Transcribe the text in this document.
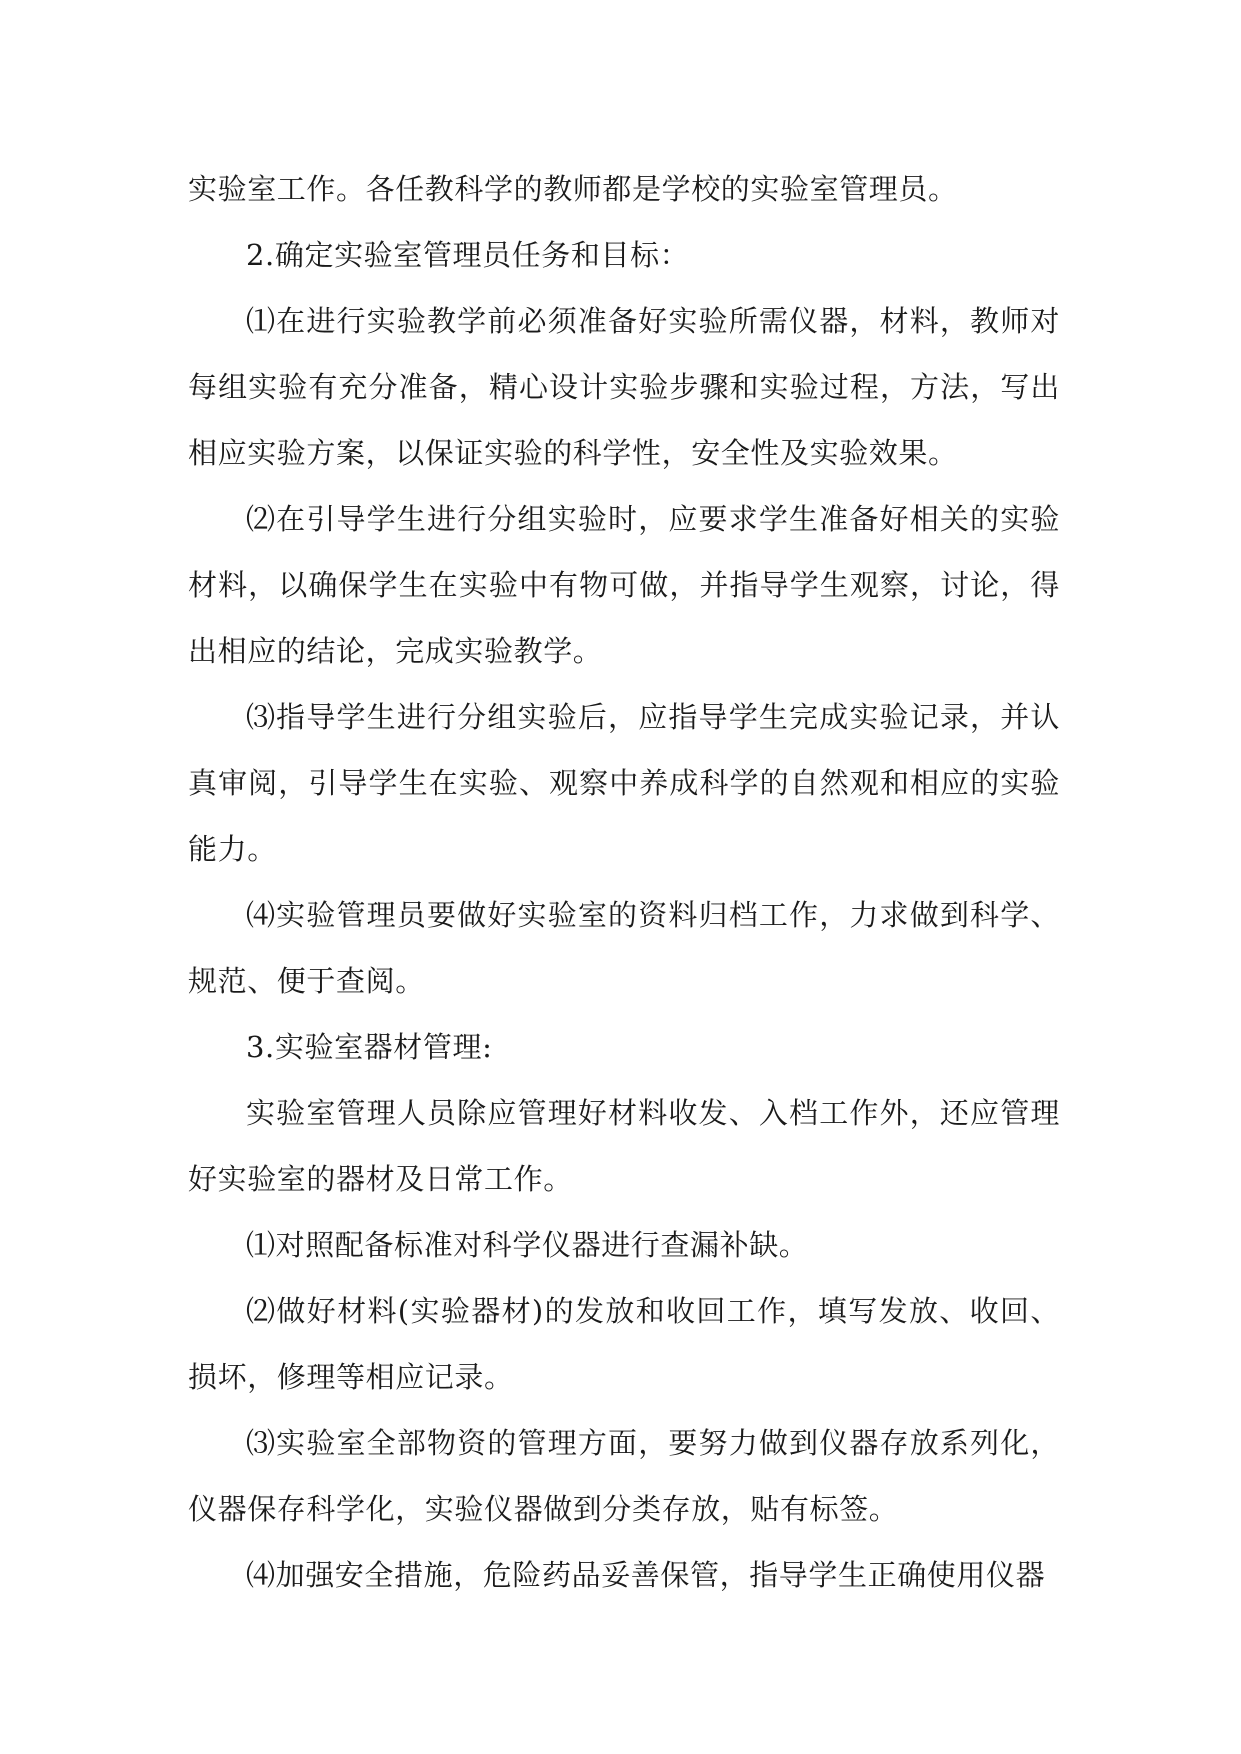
实验室工作。各任教科学的教师都是学校的实验室管理员。

2.确定实验室管理员任务和目标：

⑴在进行实验教学前必须准备好实验所需仪器，材料，教师对每组实验有充分准备，精心设计实验步骤和实验过程，方法，写出相应实验方案，以保证实验的科学性，安全性及实验效果。

⑵在引导学生进行分组实验时，应要求学生准备好相关的实验材料，以确保学生在实验中有物可做，并指导学生观察，讨论，得出相应的结论，完成实验教学。

⑶指导学生进行分组实验后，应指导学生完成实验记录，并认真审阅，引导学生在实验、观察中养成科学的自然观和相应的实验能力。

⑷实验管理员要做好实验室的资料归档工作，力求做到科学、规范、便于查阅。

3.实验室器材管理:

实验室管理人员除应管理好材料收发、入档工作外，还应管理好实验室的器材及日常工作。

⑴对照配备标准对科学仪器进行查漏补缺。

⑵做好材料(实验器材)的发放和收回工作，填写发放、收回、损坏，修理等相应记录。

⑶实验室全部物资的管理方面，要努力做到仪器存放系列化，仪器保存科学化，实验仪器做到分类存放，贴有标签。

⑷加强安全措施，危险药品妥善保管，指导学生正确使用仪器
